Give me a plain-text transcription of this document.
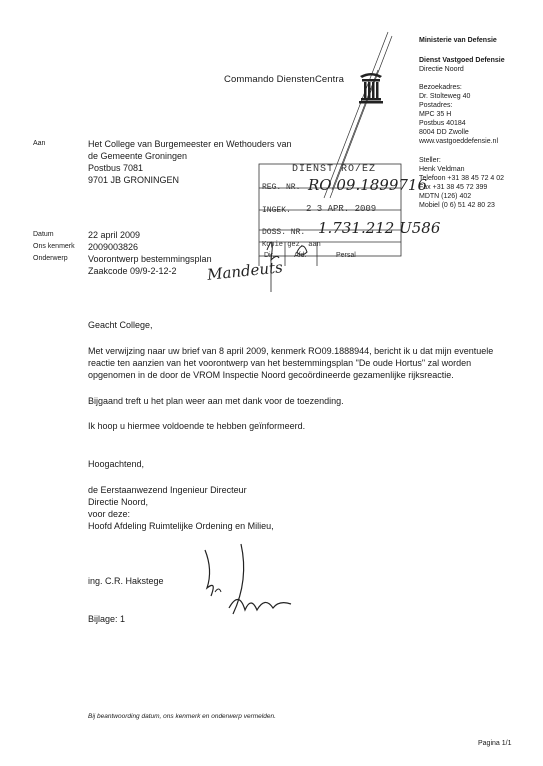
Commando DienstenCentra
Ministerie van Defensie
Dienst Vastgoed Defensie
Directie Noord
Bezoekadres:
Dr. Stolteweg 40
Postadres:
MPC 35 H
Postbus 40184
8004 DD Zwolle
www.vastgoeddefensie.nl
Steller:
Henk Veldman
Telefoon +31 38 45 72 4 02
Fax +31 38 45 72 399
MDTN (126) 402
Mobiel (0 6) 51 42 80 23
Aan	Het College van Burgemeester en Wethouders van
de Gemeente Groningen
Postbus 7081
9701 JB GRONINGEN
Datum	22 april 2009
Ons kenmerk 2009003826
Onderwerp Voorontwerp bestemmingsplan
Zaakcode 09/9-2-12-2
DIENST RO/EZ
REG. NR. RO 09.1899716
INGEK. 2 3 APR. 2009
DOSS. NR. 1.731.212 U586
Kopie gez. aan
Dir.	Afd.	Persal
Mandeuts
Geacht College,
Met verwijzing naar uw brief van 8 april 2009, kenmerk RO09.1888944, bericht ik u dat mijn eventuele
reactie ten aanzien van het voorontwerp van het bestemmingsplan "De oude Hortus" zal worden
opgenomen in de door de VROM Inspectie Noord gecoördineerde gezamenlijke rijksreactie.
Bijgaand treft u het plan weer aan met dank voor de toezending.
Ik hoop u hiermee voldoende te hebben geïnformeerd.
Hoogachtend,
de Eerstaanwezend Ingenieur Directeur
Directie Noord,
voor deze:
Hoofd Afdeling Ruimtelijke Ordening en Milieu,
ing. C.R. Hakstege
Bijlage: 1
Bij beantwoording datum, ons kenmerk en onderwerp vermelden.
Pagina 1/1
